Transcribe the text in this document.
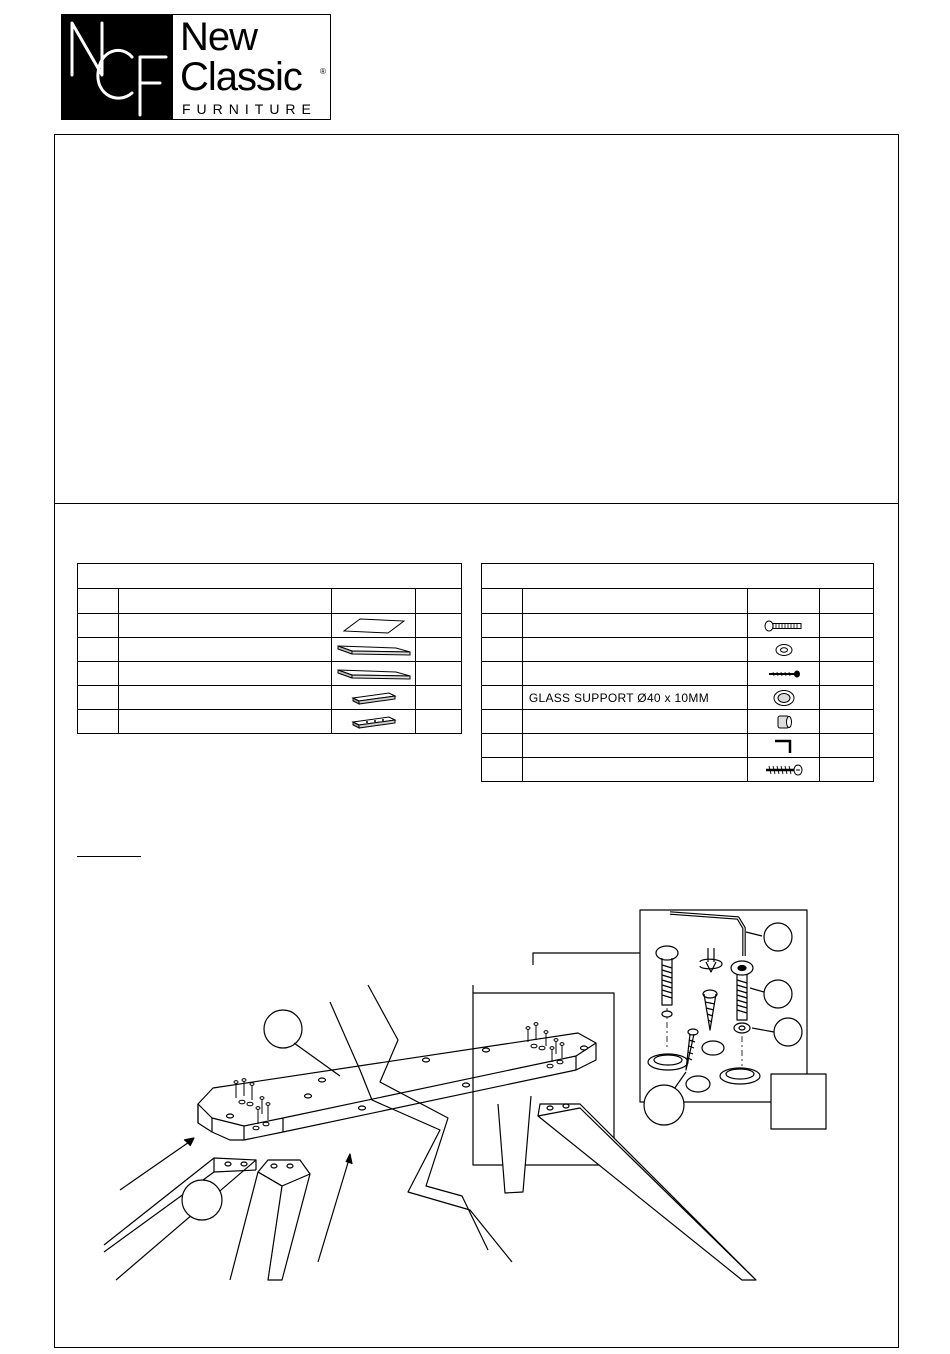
New
Classic ®
FURNITURE

	GLASS SUPPORT Ø40 x 10MM	
